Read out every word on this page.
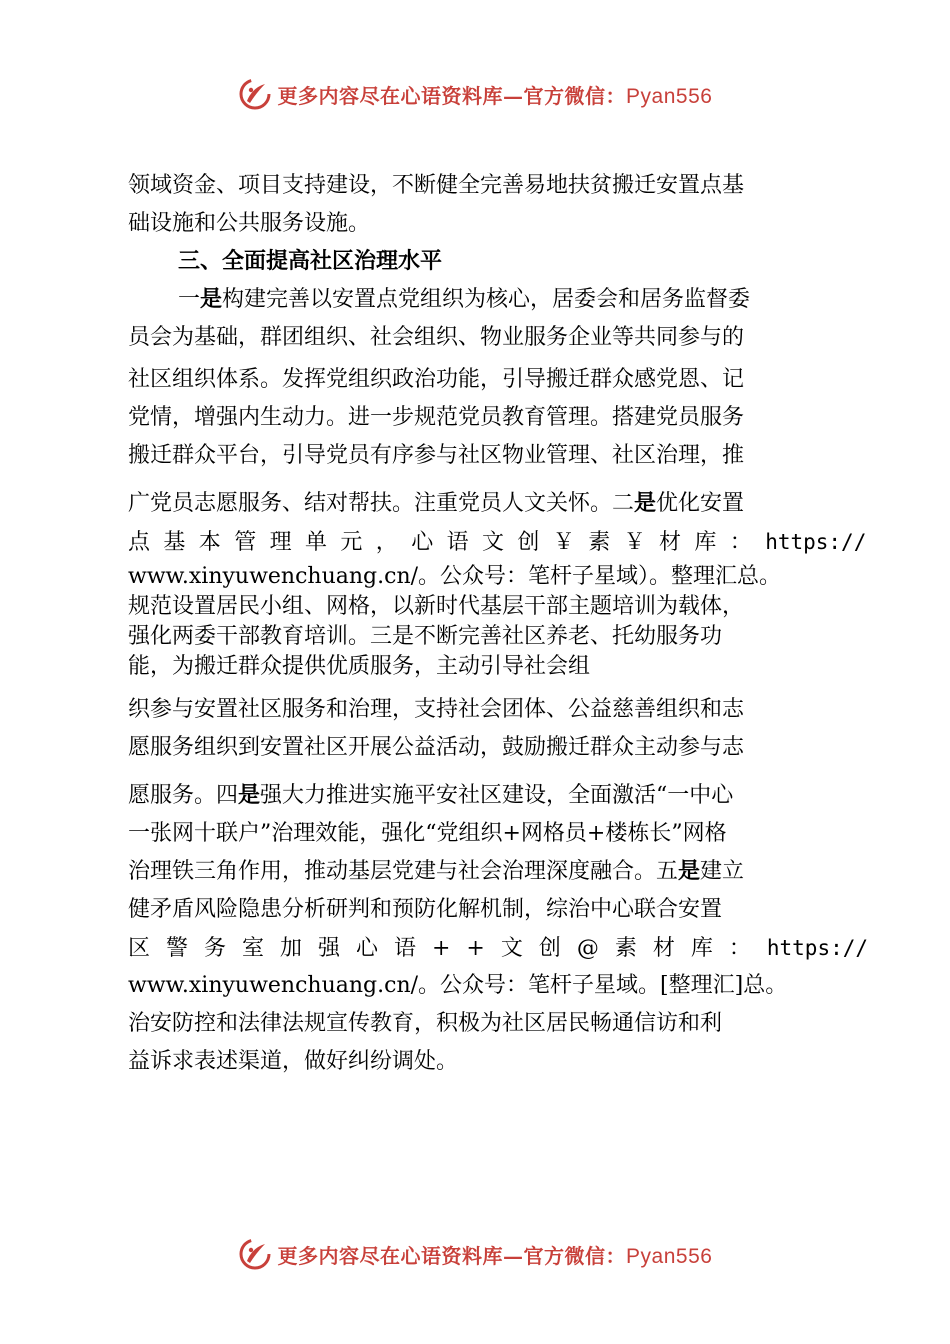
更多内容尽在心语资料库—官方微信：Pyan556
领域资金、项目支持建设，不断健全完善易地扶贫搬迁安置点基
础设施和公共服务设施。
三、全面提高社区治理水平
一是构建完善以安置点党组织为核心，居委会和居务监督委
员会为基础，群团组织、社会组织、物业服务企业等共同参与的
社区组织体系。发挥党组织政治功能，引导搬迁群众感党恩、记
党情，增强内生动力。进一步规范党员教育管理。搭建党员服务
搬迁群众平台，引导党员有序参与社区物业管理、社区治理，推
广党员志愿服务、结对帮扶。注重党员人文关怀。二是优化安置
点基本管理单元，心语文创￥素￥材库：https://
www.xinyuwenchuang.cn/。公众号：笔杆子星域）。整理汇总。
规范设置居民小组、网格，以新时代基层干部主题培训为载体，
强化两委干部教育培训。三是不断完善社区养老、托幼服务功
能，为搬迁群众提供优质服务，主动引导社会组
织参与安置社区服务和治理，支持社会团体、公益慈善组织和志
愿服务组织到安置社区开展公益活动，鼓励搬迁群众主动参与志
愿服务。四是强大力推进实施平安社区建设，全面激活“一中心
一张网十联户”治理效能，强化“党组织+网格员+楼栋长”网格
治理铁三角作用，推动基层党建与社会治理深度融合。五是建立
健矛盾风险隐患分析研判和预防化解机制，综治中心联合安置
区警务室加强心语++文创@素材库：https://
www.xinyuwenchuang.cn/。公众号：笔杆子星域。[整理汇]总。
治安防控和法律法规宣传教育，积极为社区居民畅通信访和利
益诉求表述渠道，做好纠纷调处。
更多内容尽在心语资料库—官方微信：Pyan556
